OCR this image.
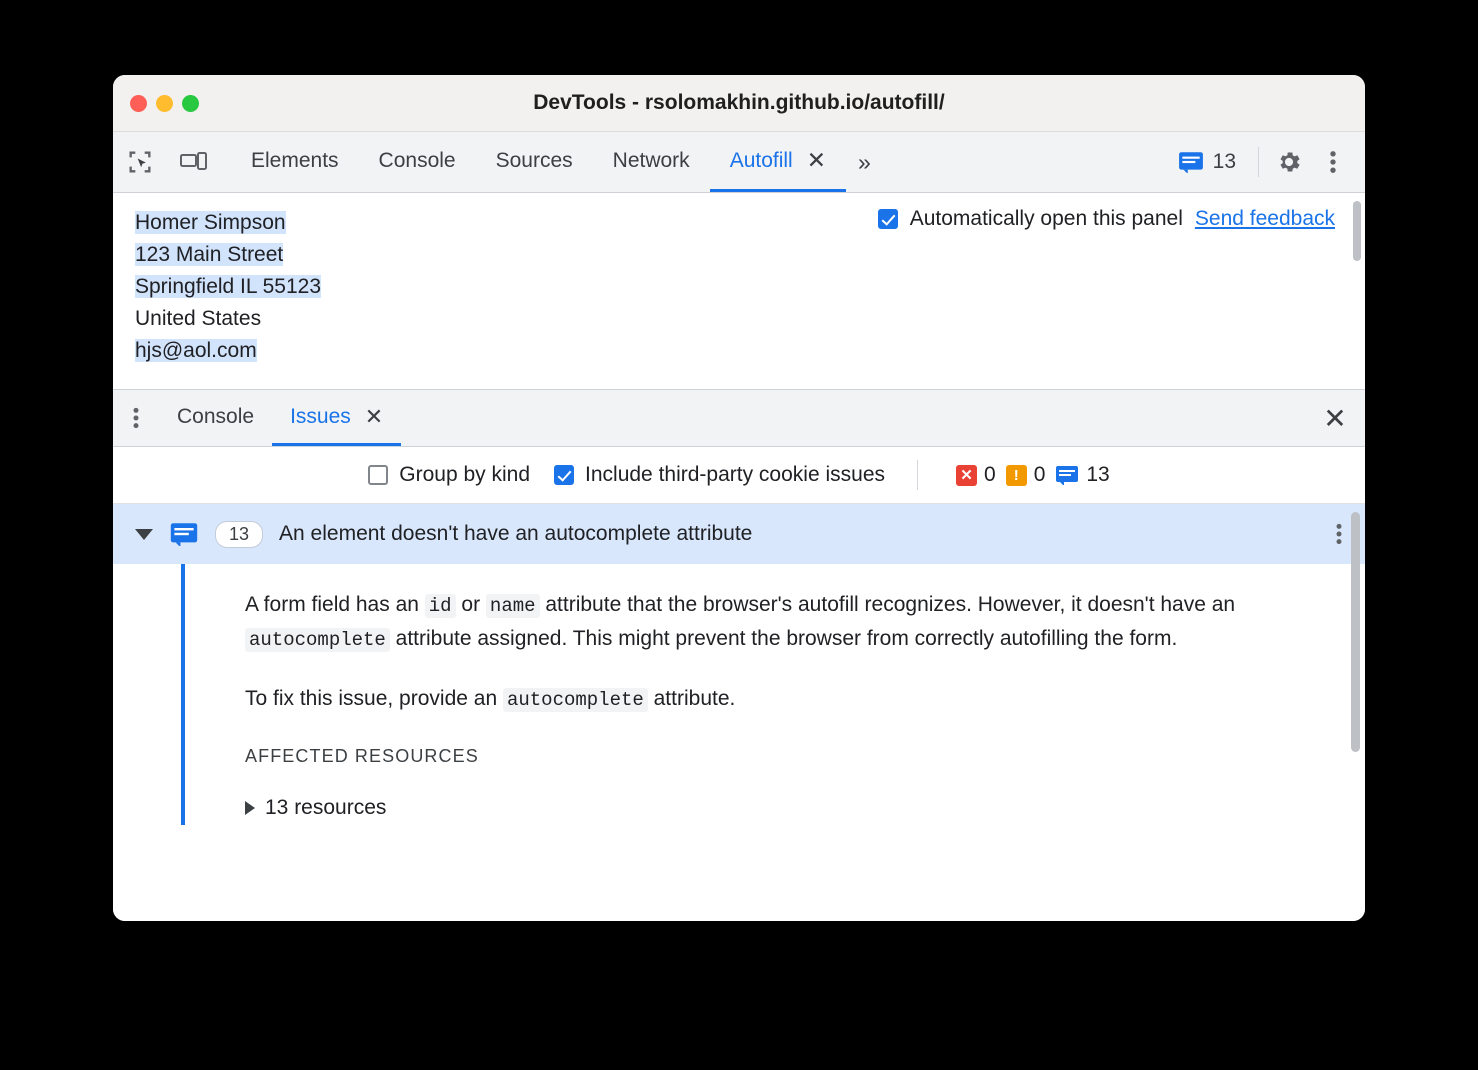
DevTools - rsolomakhin.github.io/autofill/
Elements Console Sources Network Autofill ✕	»	13
Automatically open this panel Send feedback
Homer Simpson
123 Main Street
Springfield IL 55123
United States
hjs@aol.com
Console Issues ✕	✕
Group by kind	Include third-party cookie issues	✕ 0	! 0 13
13	An element doesn't have an autocomplete attribute

A form field has an id or name attribute that the browser's autofill recognizes. However, it doesn't have an autocomplete attribute assigned. This might prevent the browser from correctly autofilling the form.

To fix this issue, provide an autocomplete attribute.

AFFECTED RESOURCES
13 resources
